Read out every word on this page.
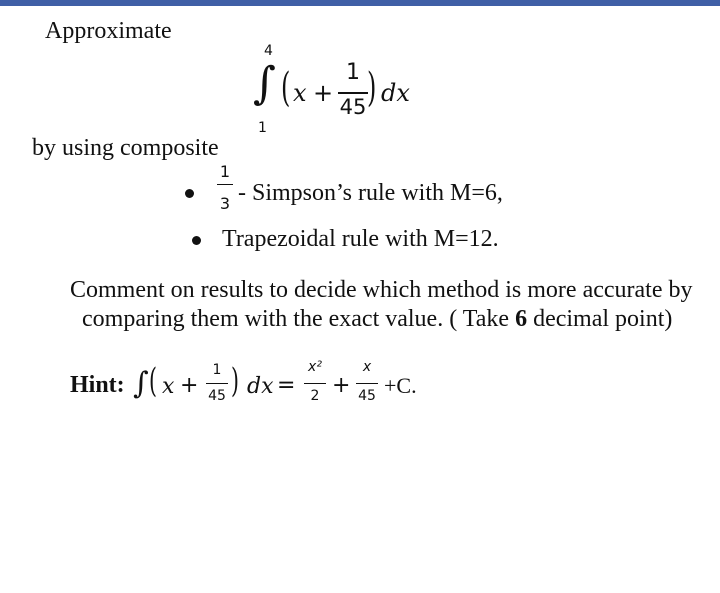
Approximate
4
∫
1
( x +
1
45 ) dx
by using composite
1
3 - Simpson’s rule with M=6,
Trapezoidal rule with M=12.
Comment on results to decide which method is more accurate by
comparing them with the exact value. ( Take 6 decimal point)
Hint: ∫ ( x +
1
45 ) dx =
x²
2 +
x
45 +C.
